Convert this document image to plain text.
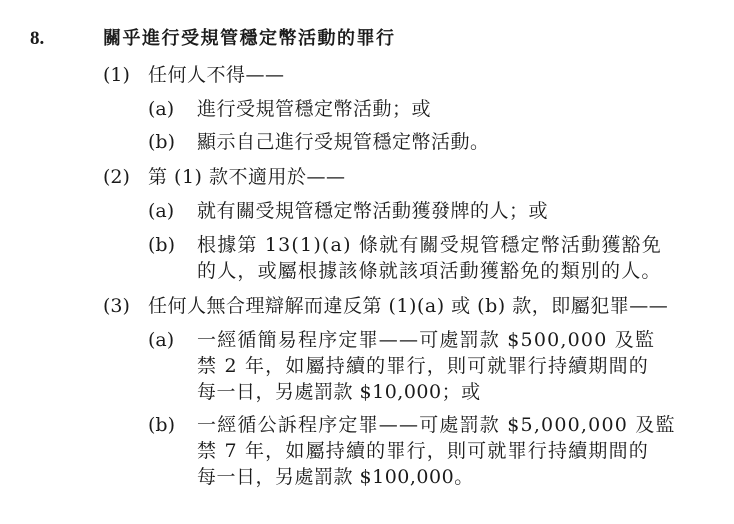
8.	關乎進行受規管穩定幣活動的罪行
(1) 任何人不得——
(a) 進行受規管穩定幣活動；或
(b) 顯示自己進行受規管穩定幣活動。
(2) 第 (1) 款不適用於——
(a) 就有關受規管穩定幣活動獲發牌的人；或
(b) 根據第 13(1)(a) 條就有關受規管穩定幣活動獲豁免
的人，或屬根據該條就該項活動獲豁免的類別的人。
(3) 任何人無合理辯解而違反第 (1)(a) 或 (b) 款，即屬犯罪——
(a) 一經循簡易程序定罪——可處罰款 $500,000 及監
禁 2 年，如屬持續的罪行，則可就罪行持續期間的
每一日，另處罰款 $10,000；或
(b) 一經循公訴程序定罪——可處罰款 $5,000,000 及監
禁 7 年，如屬持續的罪行，則可就罪行持續期間的
每一日，另處罰款 $100,000。
